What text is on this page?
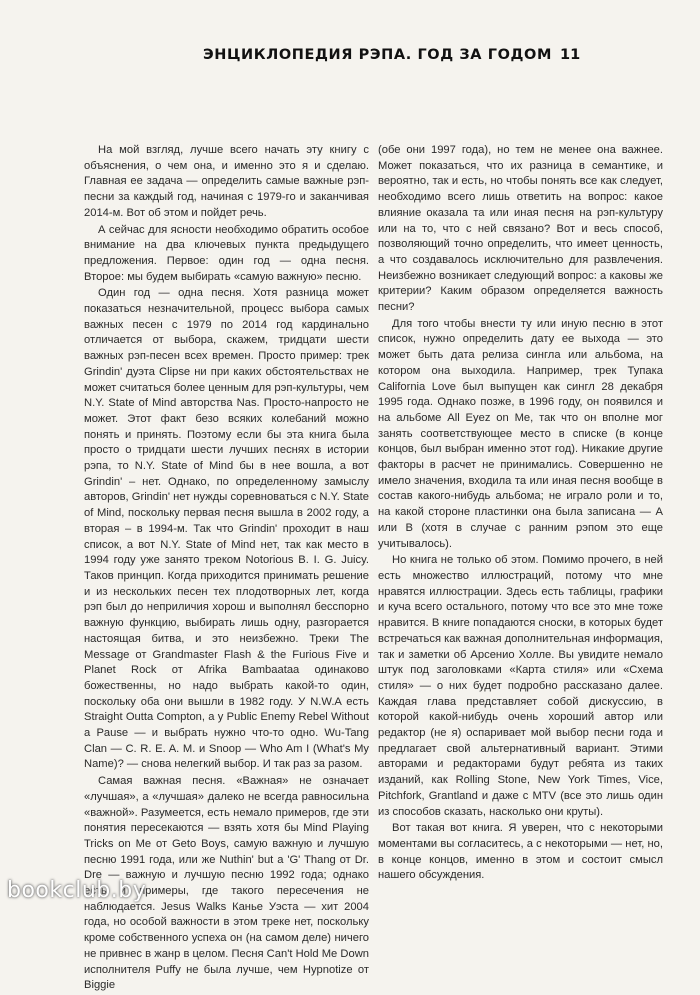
ЭНЦИКЛОПЕДИЯ РЭПА. ГОД ЗА ГОДОМ 11

На мой взгляд, лучше всего начать эту книгу с объяснения, о чем она, и именно это я и сделаю. Главная ее задача — определить самые важные рэп-песни за каждый год, начиная с 1979-го и заканчивая 2014-м. Вот об этом и пойдет речь.

А сейчас для ясности необходимо обратить особое внимание на два ключевых пункта предыдущего предложения. Первое: один год — одна песня. Второе: мы будем выбирать «самую важную» песню.

Один год — одна песня. Хотя разница может показаться незначительной, процесс выбора самых важных песен с 1979 по 2014 год кардинально отличается от выбора, скажем, тридцати шести важных рэп-песен всех времен. Просто пример: трек Grindin' дуэта Clipse ни при каких обстоятельствах не может считаться более ценным для рэп-культуры, чем N.Y. State of Mind авторства Nas. Просто-напросто не может. Этот факт безо всяких колебаний можно понять и принять. Поэтому если бы эта книга была просто о тридцати шести лучших песнях в истории рэпа, то N.Y. State of Mind бы в нее вошла, а вот Grindin' – нет. Однако, по определенному замыслу авторов, Grindin' нет нужды соревноваться с N.Y. State of Mind, поскольку первая песня вышла в 2002 году, а вторая – в 1994-м. Так что Grindin' проходит в наш список, а вот N.Y. State of Mind нет, так как место в 1994 году уже занято треком Notorious B. I. G. Juicy. Таков принцип. Когда приходится принимать решение и из нескольких песен тех плодотворных лет, когда рэп был до неприличия хорош и выполнял бесспорно важную функцию, выбирать лишь одну, разгорается настоящая битва, и это неизбежно. Треки The Message от Grandmaster Flash & the Furious Five и Planet Rock от Afrika Bambaataa одинаково божественны, но надо выбрать какой-то один, поскольку оба они вышли в 1982 году. У N.W.A есть Straight Outta Compton, а у Public Enemy Rebel Without a Pause — и выбрать нужно что-то одно. Wu-Tang Clan — C. R. E. A. M. и Snoop — Who Am I (What's My Name)? — снова нелегкий выбор. И так раз за разом.

Самая важная песня. «Важная» не означает «лучшая», а «лучшая» далеко не всегда равносильна «важной». Разумеется, есть немало примеров, где эти понятия пересекаются — взять хотя бы Mind Playing Tricks on Me от Geto Boys, самую важную и лучшую песню 1991 года, или же Nuthin' but a 'G' Thang от Dr. Dre — важную и лучшую песню 1992 года; однако есть и примеры, где такого пересечения не наблюдается. Jesus Walks Канье Уэста — хит 2004 года, но особой важности в этом треке нет, поскольку кроме собственного успеха он (на самом деле) ничего не привнес в жанр в целом. Песня Can't Hold Me Down исполнителя Puffy не была лучше, чем Hypnotize от Biggie

(обе они 1997 года), но тем не менее она важнее. Может показаться, что их разница в семантике, и вероятно, так и есть, но чтобы понять все как следует, необходимо всего лишь ответить на вопрос: какое влияние оказала та или иная песня на рэп-культуру или на то, что с ней связано? Вот и весь способ, позволяющий точно определить, что имеет ценность, а что создавалось исключительно для развлечения. Неизбежно возникает следующий вопрос: а каковы же критерии? Каким образом определяется важность песни?

Для того чтобы внести ту или иную песню в этот список, нужно определить дату ее выхода — это может быть дата релиза сингла или альбома, на котором она выходила. Например, трек Тупака California Love был выпущен как сингл 28 декабря 1995 года. Однако позже, в 1996 году, он появился и на альбоме All Eyez on Me, так что он вполне мог занять соответствующее место в списке (в конце концов, был выбран именно этот год). Никакие другие факторы в расчет не принимались. Совершенно не имело значения, входила та или иная песня вообще в состав какого-нибудь альбома; не играло роли и то, на какой стороне пластинки она была записана — А или В (хотя в случае с ранним рэпом это еще учитывалось).

Но книга не только об этом. Помимо прочего, в ней есть множество иллюстраций, потому что мне нравятся иллюстрации. Здесь есть таблицы, графики и куча всего остального, потому что все это мне тоже нравится. В книге попадаются сноски, в которых будет встречаться как важная дополнительная информация, так и заметки об Арсенио Холле. Вы увидите немало штук под заголовками «Карта стиля» или «Схема стиля» — о них будет подробно рассказано далее. Каждая глава представляет собой дискуссию, в которой какой-нибудь очень хороший автор или редактор (не я) оспаривает мой выбор песни года и предлагает свой альтернативный вариант. Этими авторами и редакторами будут ребята из таких изданий, как Rolling Stone, New York Times, Vice, Pitchfork, Grantland и даже с MTV (все это лишь один из способов сказать, насколько они круты).

Вот такая вот книга. Я уверен, что с некоторыми моментами вы согласитесь, а с некоторыми — нет, но, в конце концов, именно в этом и состоит смысл нашего обсуждения.

bookclub.by
